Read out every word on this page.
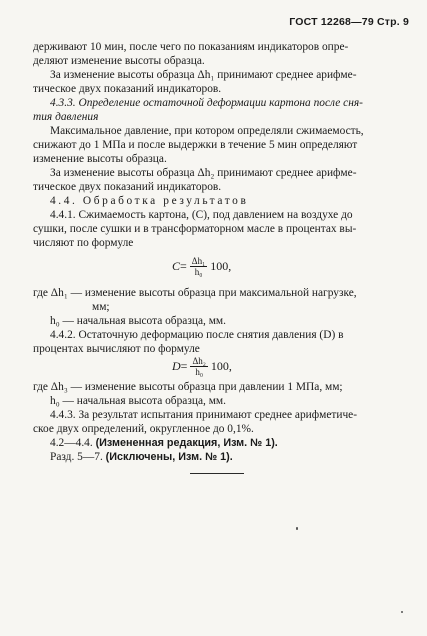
ГОСТ 12268—79 Стр. 9
держивают 10 мин, после чего по показаниям индикаторов опре-
деляют изменение высоты образца.
За изменение высоты образца Δh₁ принимают среднее арифме-
тическое двух показаний индикаторов.
4.3.3. Определение остаточной деформации картона после сня-
тия давления
Максимальное давление, при котором определяли сжимаемость,
снижают до 1 МПа и после выдержки в течение 5 мин определяют
изменение высоты образца.
За изменение высоты образца Δh₂ принимают среднее арифме-
тическое двух показаний индикаторов.
4.4. Обработка результатов
4.4.1. Сжимаемость картона, (C), под давлением на воздухе до
сушки, после сушки и в трансформаторном масле в процентах вы-
числяют по формуле
$C = \frac{\text{Δh₁}}{\text{h₀}} 100$,
где Δh₁ — изменение высоты образца при максимальной нагрузке,
мм;
h₀ — начальная высота образца, мм.
4.4.2. Остаточную деформацию после снятия давления (D) в
процентах вычисляют по формуле
$D = \frac{\text{Δh₂}}{\text{h₀}} 100$,
где Δh₃ — изменение высоты образца при давлении 1 МПа, мм;
h₀ — начальная высота образца, мм.
4.4.3. За результат испытания принимают среднее арифметиче-
ское двух определений, округленное до 0,1%.
4.2—4.4. (Измененная редакция, Изм. № 1).
Разд. 5—7. (Исключены, Изм. № 1).
